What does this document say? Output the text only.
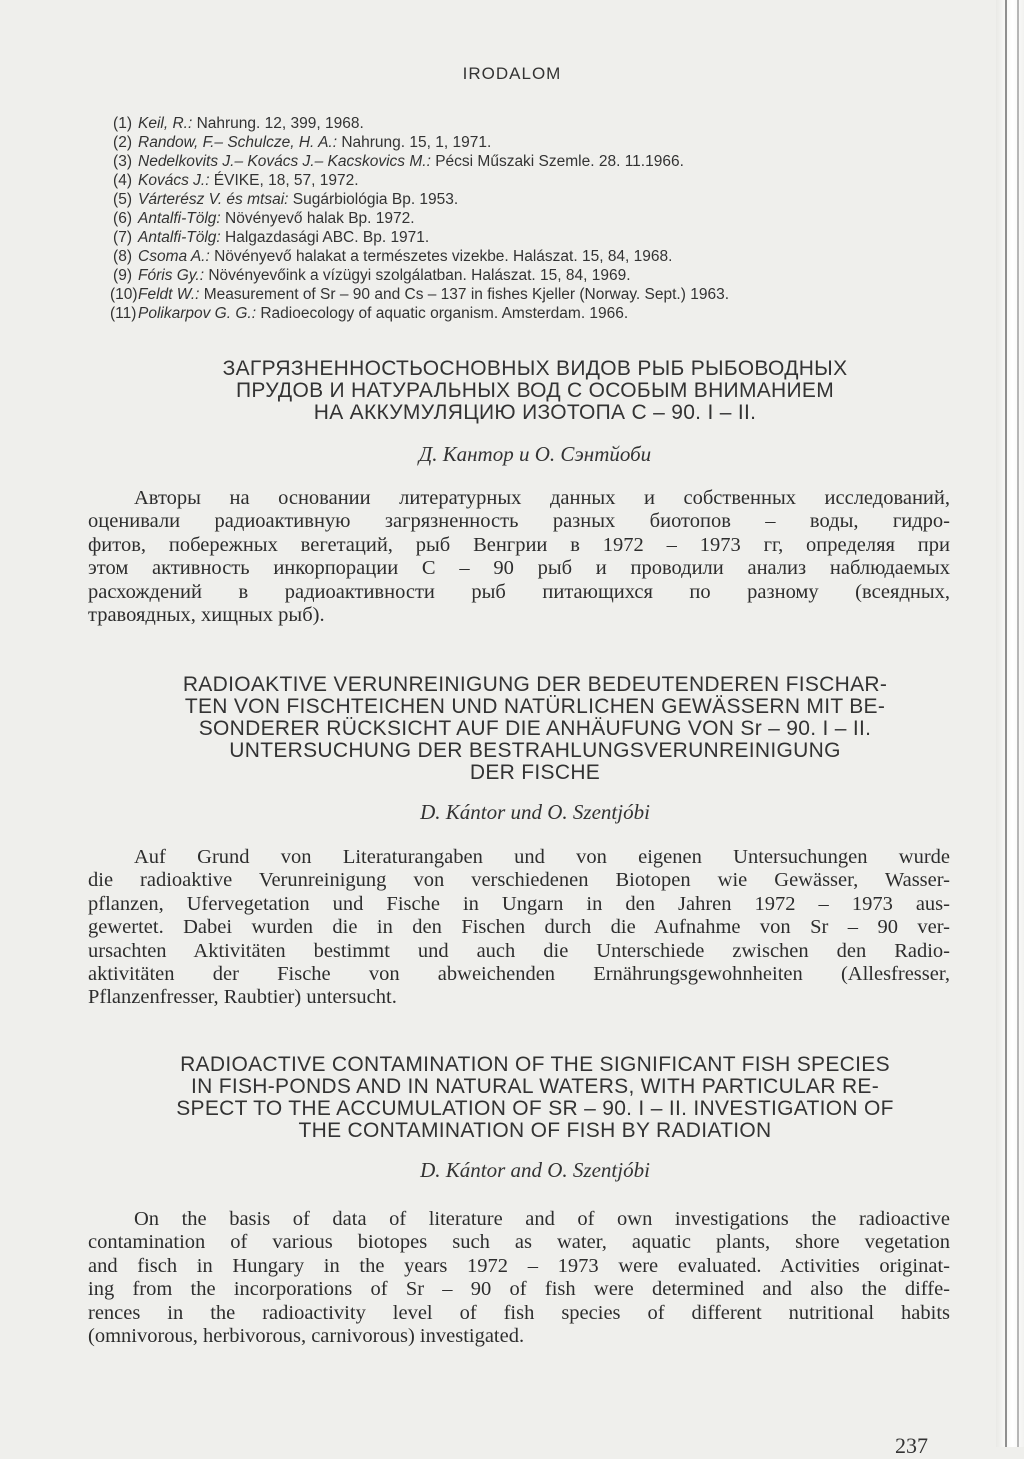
IRODALOM
(1) Keil, R.: Nahrung. 12, 399, 1968.
(2) Randow, F.– Schulcze, H. A.: Nahrung. 15, 1, 1971.
(3) Nedelkovits J.– Kovács J.– Kacskovics M.: Pécsi Műszaki Szemle. 28. 11.1966.
(4) Kovács J.: ÉVIKE, 18, 57, 1972.
(5) Várterész V. és mtsai: Sugárbiológia Bp. 1953.
(6) Antalfi-Tölg: Növényevő halak Bp. 1972.
(7) Antalfi-Tölg: Halgazdasági ABC. Bp. 1971.
(8) Csoma A.: Növényevő halakat a természetes vizekbe. Halászat. 15, 84, 1968.
(9) Fóris Gy.: Növényevőink a vízügyi szolgálatban. Halászat. 15, 84, 1969.
(10)Feldt W.: Measurement of Sr – 90 and Cs – 137 in fishes Kjeller (Norway. Sept.) 1963.
(11) Polikarpov G. G.: Radioecology of aquatic organism. Amsterdam. 1966.
ЗАГРЯЗНЕННОСТЬОСНОВНЫХ ВИДОВ РЫБ РЫБОВОДНЫХ
ПРУДОВ И НАТУРАЛЬНЫХ ВОД С ОСОБЫМ ВНИМАНИЕМ
НА АККУМУЛЯЦИЮ ИЗОТОПА С – 90. I – II.
Д. Кантор и О. Сэнтйоби
Авторы на основании литературных данных и собственных исследований,
оценивали радиоактивную загрязненность разных биотопов – воды, гидро-
фитов, побережных вегетаций, рыб Венгрии в 1972 – 1973 гг, определяя при
этом активность инкорпорации С – 90 рыб и проводили анализ наблюдаемых
расхождений в радиоактивности рыб питающихся по разному (всеядных,
травоядных, хищных рыб).
RADIOAKTIVE VERUNREINIGUNG DER BEDEUTENDEREN FISCHAR-
TEN VON FISCHTEICHEN UND NATÜRLICHEN GEWÄSSERN MIT BE-
SONDERER RÜCKSICHT AUF DIE ANHÄUFUNG VON Sr – 90. I – II.
UNTERSUCHUNG DER BESTRAHLUNGSVERUNREINIGUNG
DER FISCHE
D. Kántor und O. Szentjóbi
Auf Grund von Literaturangaben und von eigenen Untersuchungen wurde
die radioaktive Verunreinigung von verschiedenen Biotopen wie Gewässer, Wasser-
pflanzen, Ufervegetation und Fische in Ungarn in den Jahren 1972 – 1973 aus-
gewertet. Dabei wurden die in den Fischen durch die Aufnahme von Sr – 90 ver-
ursachten Aktivitäten bestimmt und auch die Unterschiede zwischen den Radio-
aktivitäten der Fische von abweichenden Ernährungsgewohnheiten (Allesfresser,
Pflanzenfresser, Raubtier) untersucht.
RADIOACTIVE CONTAMINATION OF THE SIGNIFICANT FISH SPECIES
IN FISH-PONDS AND IN NATURAL WATERS, WITH PARTICULAR RE-
SPECT TO THE ACCUMULATION OF SR – 90. I – II. INVESTIGATION OF
THE CONTAMINATION OF FISH BY RADIATION
D. Kántor and O. Szentjóbi
On the basis of data of literature and of own investigations the radioactive
contamination of various biotopes such as water, aquatic plants, shore vegetation
and fisch in Hungary in the years 1972 – 1973 were evaluated. Activities originat-
ing from the incorporations of Sr – 90 of fish were determined and also the diffe-
rences in the radioactivity level of fish species of different nutritional habits
(omnivorous, herbivorous, carnivorous) investigated.
237
